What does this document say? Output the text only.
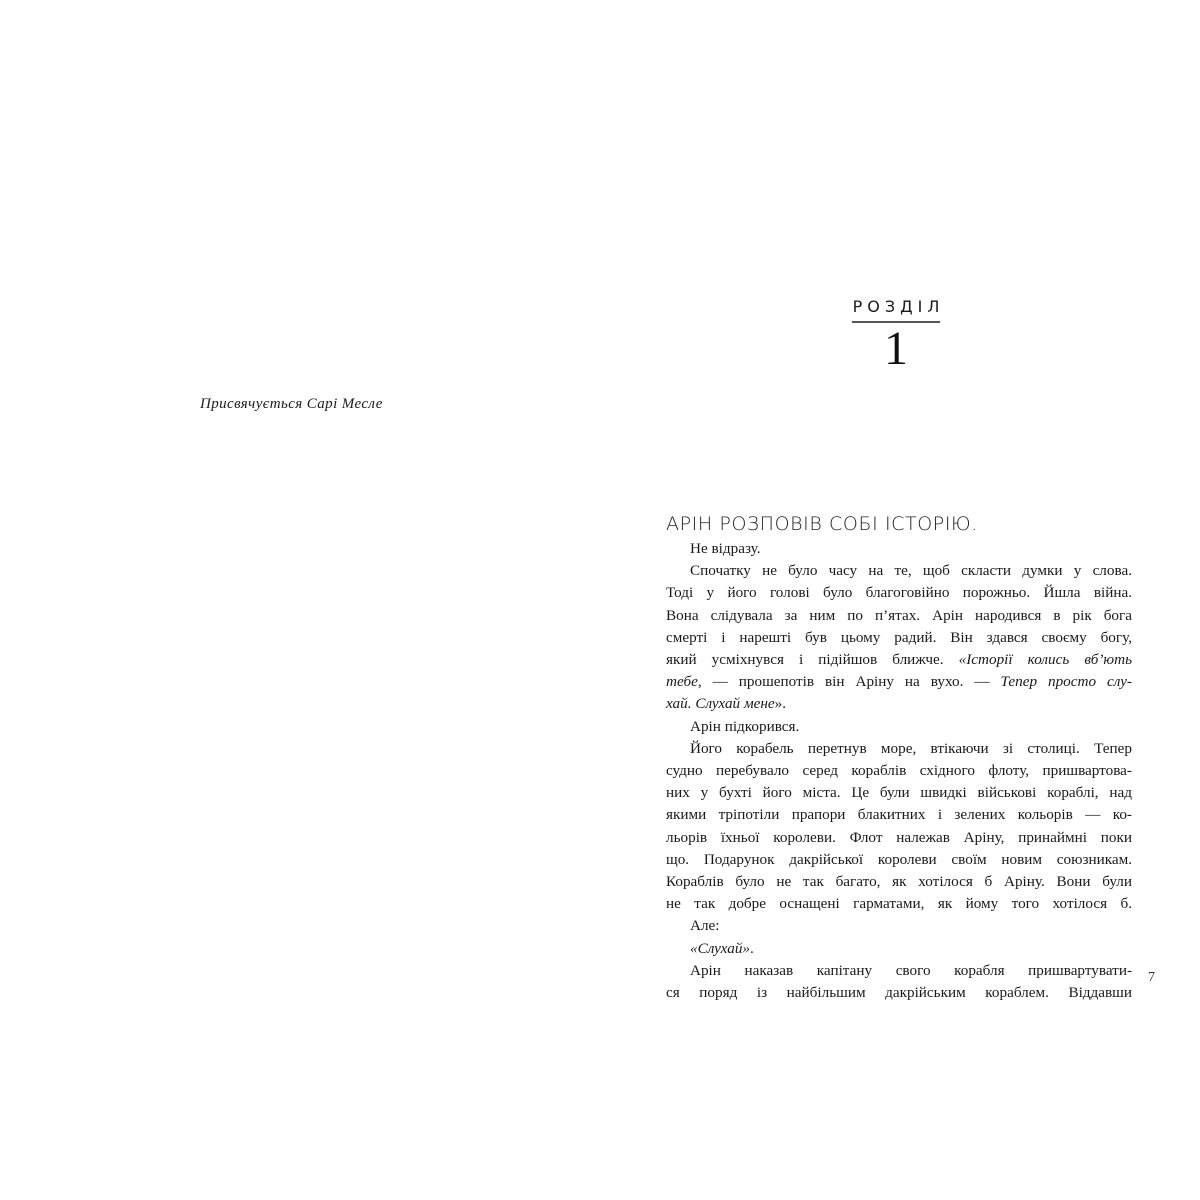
Присвячується Сарі Месле
РОЗДІЛ
1
АРІН РОЗПОВІВ СОБІ ІСТОРІЮ.
Не відразу.
Спочатку не було часу на те, щоб скласти думки у слова.
Тоді у його голові було благоговійно порожньо. Йшла війна.
Вона слідувала за ним по п’ятах. Арін народився в рік бога
смерті і нарешті був цьому радий. Він здався своєму богу,
який усміхнувся і підійшов ближче. «Історії колись вб’ють
тебе, — прошепотів він Аріну на вухо. — Тепер просто слу-
хай. Слухай мене».
Арін підкорився.
Його корабель перетнув море, втікаючи зі столиці. Тепер
судно перебувало серед кораблів східного флоту, пришвартова-
них у бухті його міста. Це були швидкі військові кораблі, над
якими тріпотіли прапори блакитних і зелених кольорів — ко-
льорів їхньої королеви. Флот належав Аріну, принаймні поки
що. Подарунок дакрійської королеви своїм новим союзникам.
Кораблів було не так багато, як хотілося б Аріну. Вони були
не так добре оснащені гарматами, як йому того хотілося б.
Але:
«Слухай».
Арін наказав капітану свого корабля пришвартувати-
ся поряд із найбільшим дакрійським кораблем. Віддавши
7
